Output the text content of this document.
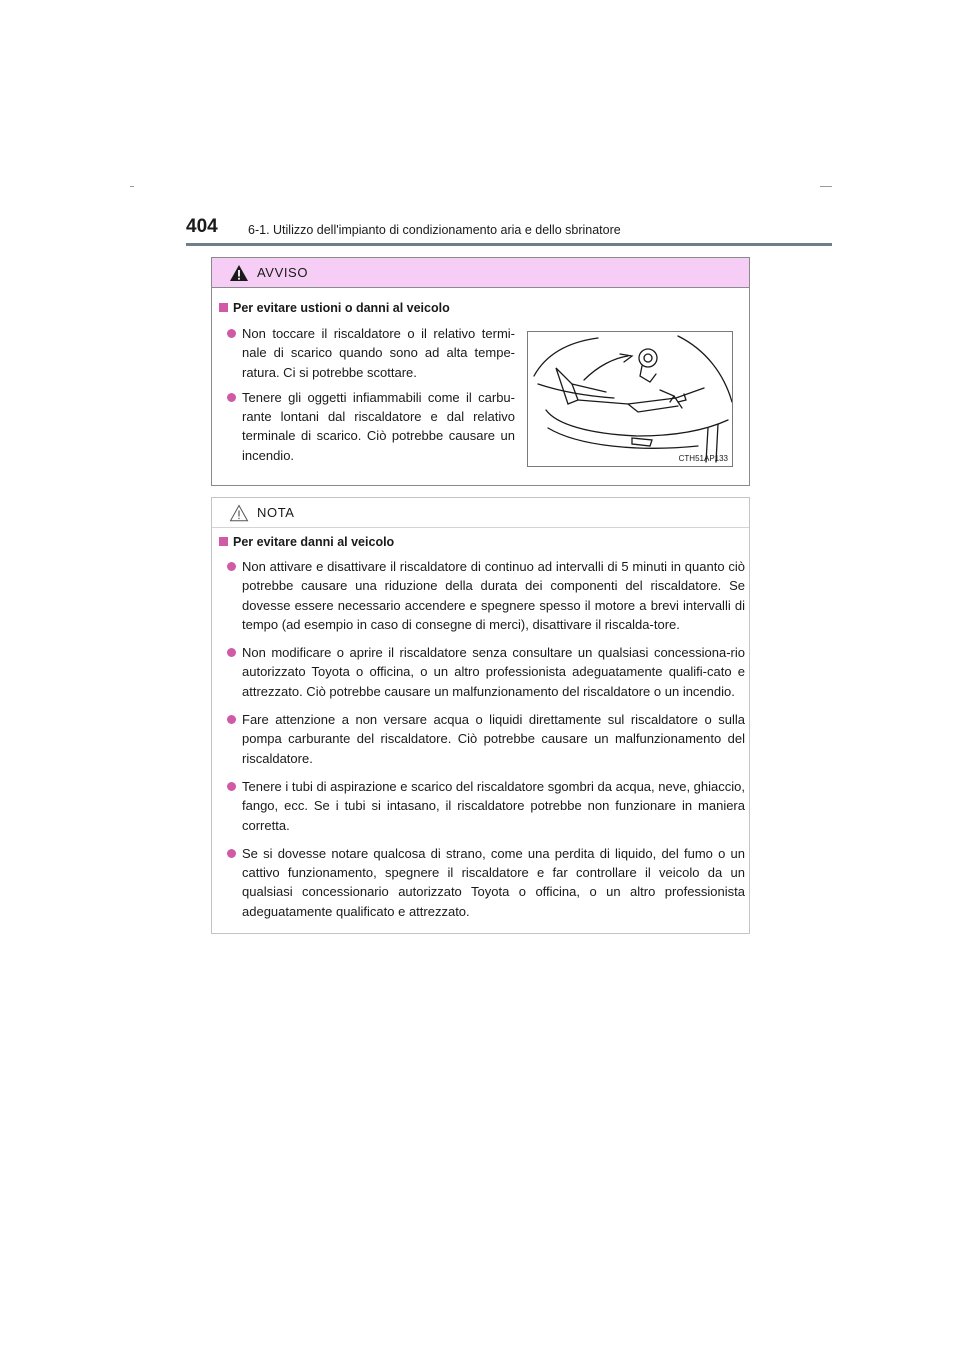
404 6-1. Utilizzo dell'impianto di condizionamento aria e dello sbrinatore
AVVISO
Per evitare ustioni o danni al veicolo
Non toccare il riscaldatore o il relativo termi-nale di scarico quando sono ad alta tempe-ratura. Ci si potrebbe scottare.
Tenere gli oggetti infiammabili come il carbu-rante lontani dal riscaldatore e dal relativo terminale di scarico. Ciò potrebbe causare un incendio.	CTH51AP133
NOTA
Per evitare danni al veicolo
Non attivare e disattivare il riscaldatore di continuo ad intervalli di 5 minuti in quanto ciò potrebbe causare una riduzione della durata dei componenti del riscaldatore. Se dovesse essere necessario accendere e spegnere spesso il motore a brevi intervalli di tempo (ad esempio in caso di consegne di merci), disattivare il riscalda-tore.
Non modificare o aprire il riscaldatore senza consultare un qualsiasi concessiona-rio autorizzato Toyota o officina, o un altro professionista adeguatamente qualifi-cato e attrezzato. Ciò potrebbe causare un malfunzionamento del riscaldatore o un incendio.
Fare attenzione a non versare acqua o liquidi direttamente sul riscaldatore o sulla pompa carburante del riscaldatore. Ciò potrebbe causare un malfunzionamento del riscaldatore.
Tenere i tubi di aspirazione e scarico del riscaldatore sgombri da acqua, neve, ghiaccio, fango, ecc. Se i tubi si intasano, il riscaldatore potrebbe non funzionare in maniera corretta.
Se si dovesse notare qualcosa di strano, come una perdita di liquido, del fumo o un cattivo funzionamento, spegnere il riscaldatore e far controllare il veicolo da un qualsiasi concessionario autorizzato Toyota o officina, o un altro professionista adeguatamente qualificato e attrezzato.
